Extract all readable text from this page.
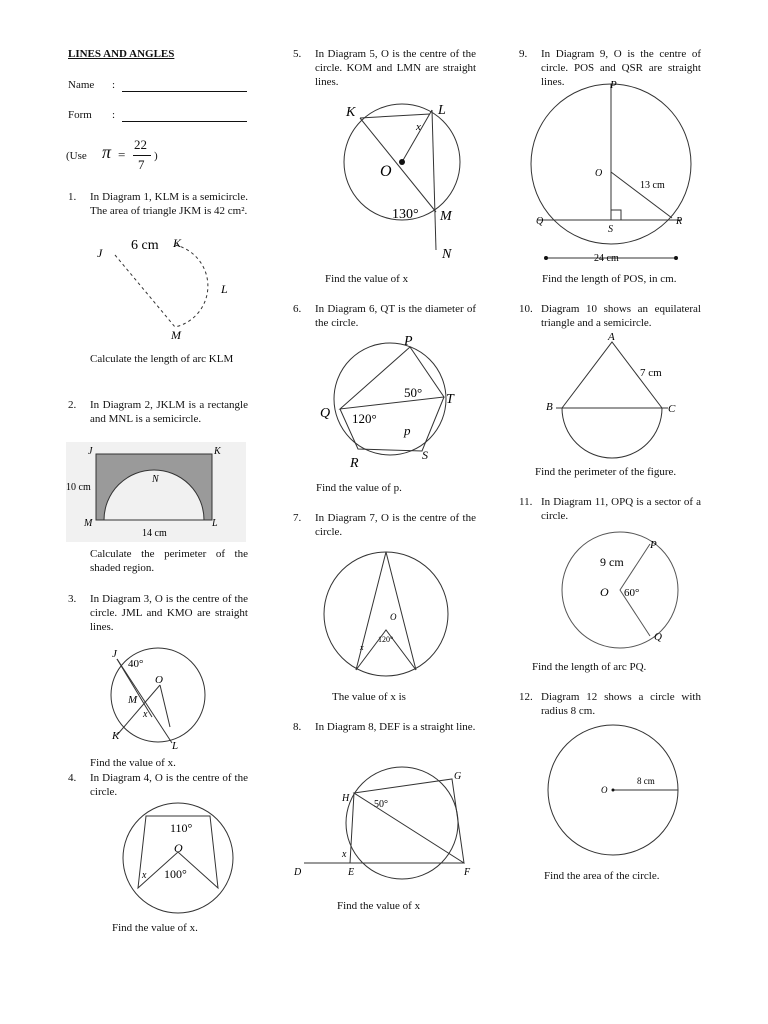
LINES AND ANGLES
Name :
Form :
(Use π =
22
7
)
1. In Diagram 1, KLM is a semicircle. The area of triangle JKM is 42 cm².
J 6 cm K
L
M
Calculate the length of arc KLM
2. In Diagram 2, JKLM is a rectangle and MNL is a semicircle.
J	K
M	L
N
10 cm
14 cm
Calculate the perimeter of the shaded region.
3. In Diagram 3, O is the centre of the circle. JML and KMO are straight lines.
J
40°
O
M
x
K
L
Find the value of x.
4. In Diagram 4, O is the centre of the circle.
110°
O
100°
x
Find the value of x.
5. In Diagram 5, O is the centre of the circle. KOM and LMN are straight lines.
K	L
x
O
130° M
N
Find the value of x
6. In Diagram 6, QT is the diameter of the circle.
P
Q
T
R
S
50°
120°
p
Find the value of p.
7. In Diagram 7, O is the centre of the circle.
O
120°
x
The value of x is
8. In Diagram 8, DEF is a straight line.
H
G
50°
x
D	E	F
Find the value of x
9. In Diagram 9, O is the centre of circle. POS and QSR are straight lines.	P
O
13 cm
Q	R
S
24 cm
Find the length of POS, in cm.
10. Diagram 10 shows an equilateral triangle and a semicircle.
A
7 cm
B	C
Find the perimeter of the figure.
11. In Diagram 11, OPQ is a sector of a circle.
P
9 cm
O 60°
Q
Find the length of arc PQ.
12. Diagram 12 shows a circle with radius 8 cm.
O
8 cm
Find the area of the circle.
